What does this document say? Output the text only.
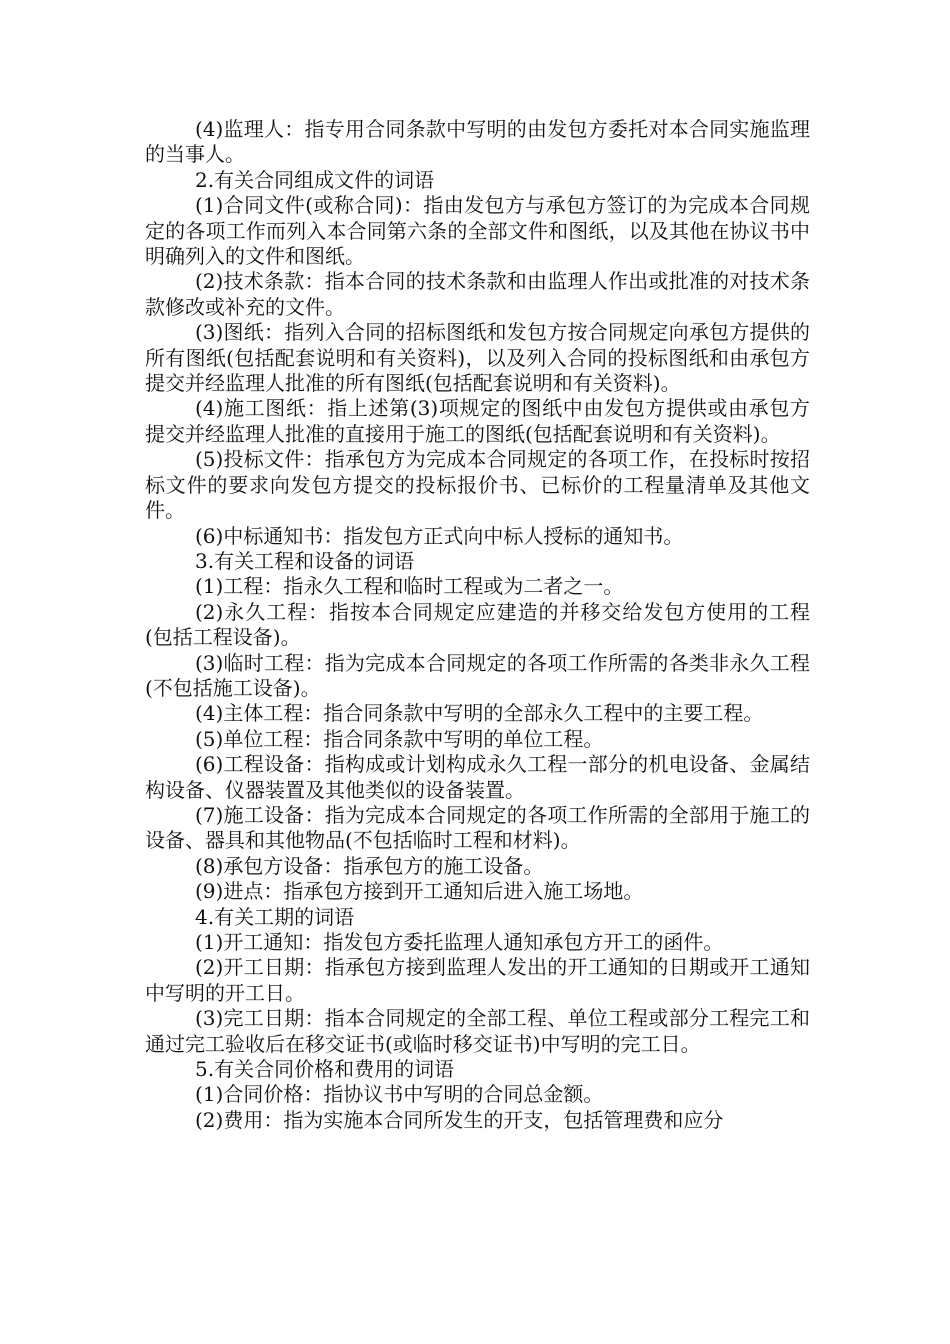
(4)监理人：指专用合同条款中写明的由发包方委托对本合同实施监理的当事人。

2.有关合同组成文件的词语

(1)合同文件(或称合同)：指由发包方与承包方签订的为完成本合同规定的各项工作而列入本合同第六条的全部文件和图纸，以及其他在协议书中明确列入的文件和图纸。

(2)技术条款：指本合同的技术条款和由监理人作出或批准的对技术条款修改或补充的文件。

(3)图纸：指列入合同的招标图纸和发包方按合同规定向承包方提供的所有图纸(包括配套说明和有关资料)，以及列入合同的投标图纸和由承包方提交并经监理人批准的所有图纸(包括配套说明和有关资料)。

(4)施工图纸：指上述第(3)项规定的图纸中由发包方提供或由承包方提交并经监理人批准的直接用于施工的图纸(包括配套说明和有关资料)。

(5)投标文件：指承包方为完成本合同规定的各项工作，在投标时按招标文件的要求向发包方提交的投标报价书、已标价的工程量清单及其他文件。

(6)中标通知书：指发包方正式向中标人授标的通知书。

3.有关工程和设备的词语

(1)工程：指永久工程和临时工程或为二者之一。

(2)永久工程：指按本合同规定应建造的并移交给发包方使用的工程(包括工程设备)。

(3)临时工程：指为完成本合同规定的各项工作所需的各类非永久工程(不包括施工设备)。

(4)主体工程：指合同条款中写明的全部永久工程中的主要工程。

(5)单位工程：指合同条款中写明的单位工程。

(6)工程设备：指构成或计划构成永久工程一部分的机电设备、金属结构设备、仪器装置及其他类似的设备装置。

(7)施工设备：指为完成本合同规定的各项工作所需的全部用于施工的设备、器具和其他物品(不包括临时工程和材料)。

(8)承包方设备：指承包方的施工设备。

(9)进点：指承包方接到开工通知后进入施工场地。

4.有关工期的词语

(1)开工通知：指发包方委托监理人通知承包方开工的函件。

(2)开工日期：指承包方接到监理人发出的开工通知的日期或开工通知中写明的开工日。

(3)完工日期：指本合同规定的全部工程、单位工程或部分工程完工和通过完工验收后在移交证书(或临时移交证书)中写明的完工日。

5.有关合同价格和费用的词语

(1)合同价格：指协议书中写明的合同总金额。

(2)费用：指为实施本合同所发生的开支，包括管理费和应分
